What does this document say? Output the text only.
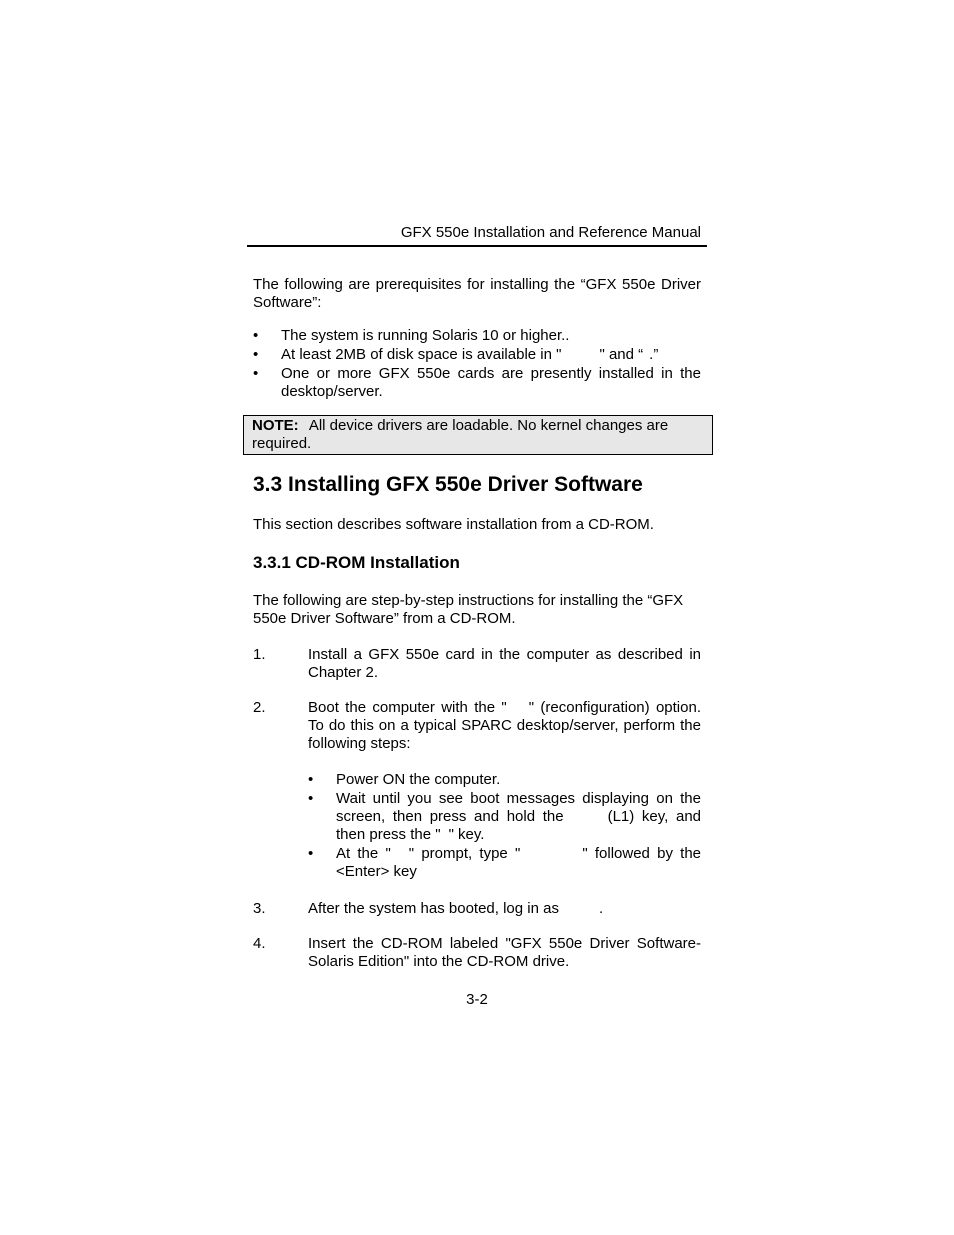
GFX 550e Installation and Reference Manual
The following are prerequisites for installing the “GFX 550e Driver Software”:
•	The system is running Solaris 10 or higher..
•	At least 2MB of disk space is available in "	" and “ .”
•	One or more GFX 550e cards are presently installed in the desktop/server.
NOTE: All device drivers are loadable. No kernel changes are required.
3.3 Installing GFX 550e Driver Software
This section describes software installation from a CD-ROM.
3.3.1 CD-ROM Installation
The following are step-by-step instructions for installing the “GFX 550e Driver Software” from a CD-ROM.
1.	Install a GFX 550e card in the computer as described in Chapter 2.
2.	Boot the computer with the " " (reconfiguration) option. To do this on a typical SPARC desktop/server, perform the following steps:
•	Power ON the computer.
•	Wait until you see boot messages displaying on the screen, then press and hold the	(L1) key, and then press the " " key.
•	At the " " prompt, type "	" followed by the <Enter> key
3.	After the system has booted, log in as	.
4.	Insert the CD-ROM labeled "GFX 550e Driver Software-Solaris Edition" into the CD-ROM drive.
3-2
